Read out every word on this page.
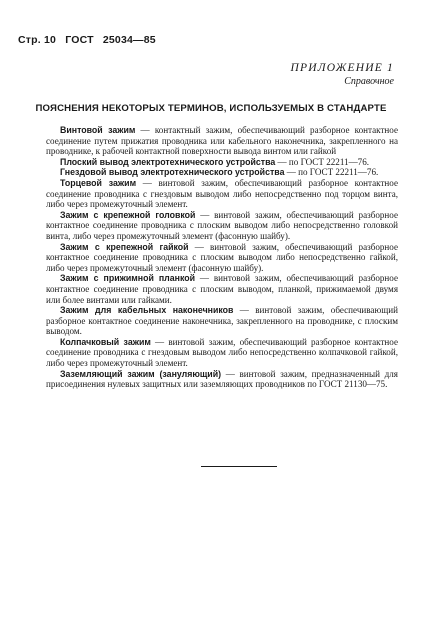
Стр. 10 ГОСТ 25034—85
ПРИЛОЖЕНИЕ 1
Справочное
ПОЯСНЕНИЯ НЕКОТОРЫХ ТЕРМИНОВ, ИСПОЛЬЗУЕМЫХ В СТАНДАРТЕ

Винтовой зажим — контактный зажим, обеспечивающий разборное контактное соединение путем прижатия проводника или кабельного наконечника, закрепленного на проводнике, к рабочей контактной поверхности вывода винтом или гайкой

Плоский вывод электротехнического устройства — по ГОСТ 22211—76.

Гнездовой вывод электротехнического устройства — по ГОСТ 22211—76.

Торцевой зажим — винтовой зажим, обеспечивающий разборное контактное соединение проводника с гнездовым выводом либо непосредственно под торцом винта, либо через промежуточный элемент.

Зажим с крепежной головкой — винтовой зажим, обеспечивающий разборное контактное соединение проводника с плоским выводом либо непосредственно головкой винта, либо через промежуточный элемент (фасонную шайбу).

Зажим с крепежной гайкой — винтовой зажим, обеспечивающий разборное контактное соединение проводника с плоским выводом либо непосредственно гайкой, либо через промежуточный элемент (фасонную шайбу).

Зажим с прижимной планкой — винтовой зажим, обеспечивающий разборное контактное соединение проводника с плоским выводом, планкой, прижимаемой двумя или более винтами или гайками.

Зажим для кабельных наконечников — винтовой зажим, обеспечивающий разборное контактное соединение наконечника, закрепленного на проводнике, с плоским выводом.

Колпачковый зажим — винтовой зажим, обеспечивающий разборное контактное соединение проводника с гнездовым выводом либо непосредственно колпачковой гайкой, либо через промежуточный элемент.

Заземляющий зажим (зануляющий) — винтовой зажим, предназначенный для присоединения нулевых защитных или заземляющих проводников по ГОСТ 21130—75.
